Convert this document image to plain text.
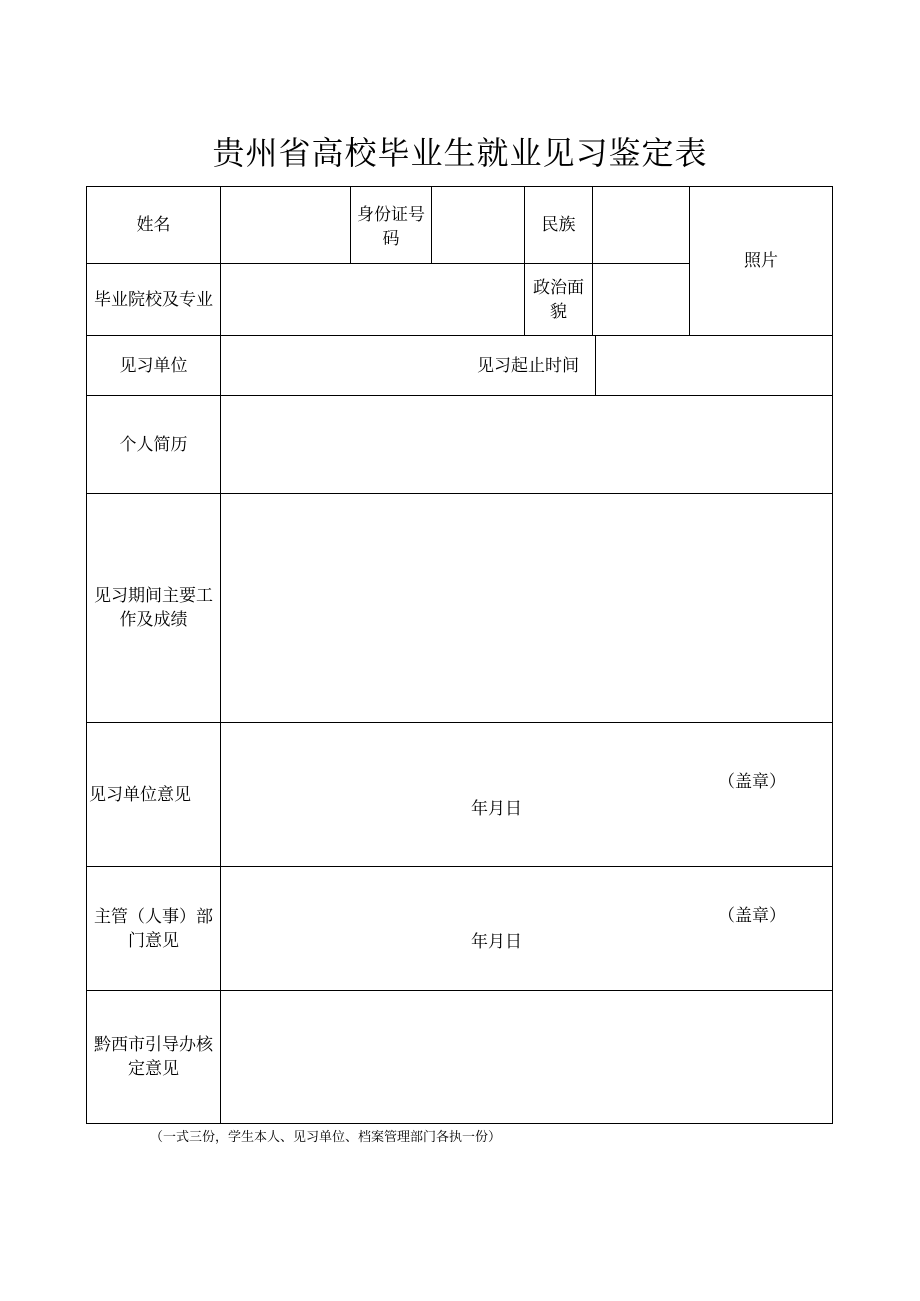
贵州省高校毕业生就业见习鉴定表
姓名	身份证号码
民族
照片
毕业院校及专业
政治面貌
见习单位	见习起止时间
个人简历
见习期间主要工作及成绩
见习单位意见
（盖章）
年月日
主管（人事）部门意见
（盖章）
年月日
黔西市引导办核定意见
（一式三份，学生本人、见习单位、档案管理部门各执一份）
